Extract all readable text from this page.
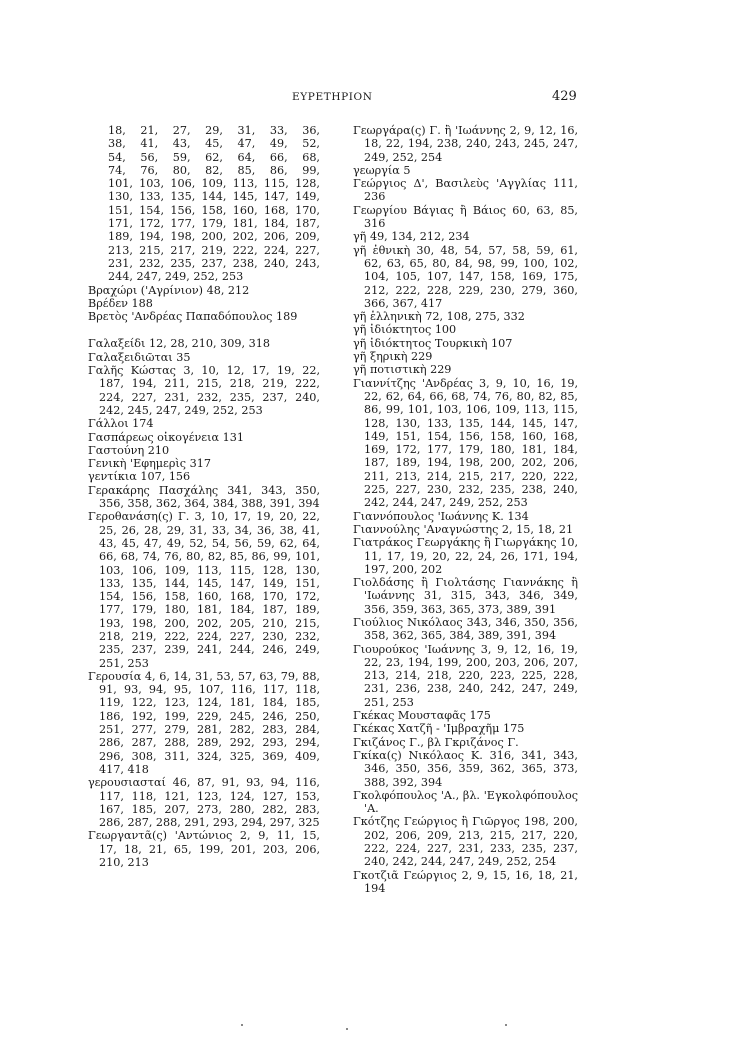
ΕΥΡΕΤΗΡΙΟΝ	429

18, 21, 27, 29, 31, 33, 36,

38, 41, 43, 45, 47, 49, 52,

54, 56, 59, 62, 64, 66, 68,

74, 76, 80, 82, 85, 86, 99,

101, 103, 106, 109, 113, 115, 128,

130, 133, 135, 144, 145, 147, 149,

151, 154, 156, 158, 160, 168, 170,

171, 172, 177, 179, 181, 184, 187,

189, 194, 198, 200, 202, 206, 209,

213, 215, 217, 219, 222, 224, 227,

231, 232, 235, 237, 238, 240, 243,

244, 247, 249, 252, 253

Βραχώρι ('Αγρίνιον) 48, 212

Βρέδεν 188

Βρετὸς 'Ανδρέας Παπαδόπουλος 189

Γαλαξείδι 12, 28, 210, 309, 318

Γαλαξειδιῶται 35

Γαλῆς Κώστας 3, 10, 12, 17, 19, 22, 187, 194, 211, 215, 218, 219, 222, 224, 227, 231, 232, 235, 237, 240, 242, 245, 247, 249, 252, 253

Γάλλοι 174

Γασπάρεως οἰκογένεια 131

Γαστούνη 210

Γενικὴ 'Εφημερὶς 317

γεντίκια 107, 156

Γερακάρης Πασχάλης 341, 343, 350, 356, 358, 362, 364, 384, 388, 391, 394

Γεροθανάση(ς) Γ. 3, 10, 17, 19, 20, 22, 25, 26, 28, 29, 31, 33, 34, 36, 38, 41, 43, 45, 47, 49, 52, 54, 56, 59, 62, 64, 66, 68, 74, 76, 80, 82, 85, 86, 99, 101, 103, 106, 109, 113, 115, 128, 130, 133, 135, 144, 145, 147, 149, 151, 154, 156, 158, 160, 168, 170, 172, 177, 179, 180, 181, 184, 187, 189, 193, 198, 200, 202, 205, 210, 215, 218, 219, 222, 224, 227, 230, 232, 235, 237, 239, 241, 244, 246, 249, 251, 253

Γερουσία 4, 6, 14, 31, 53, 57, 63, 79, 88, 91, 93, 94, 95, 107, 116, 117, 118, 119, 122, 123, 124, 181, 184, 185, 186, 192, 199, 229, 245, 246, 250, 251, 277, 279, 281, 282, 283, 284, 286, 287, 288, 289, 292, 293, 294, 296, 308, 311, 324, 325, 369, 409, 417, 418

γερουσιασταί 46, 87, 91, 93, 94, 116, 117, 118, 121, 123, 124, 127, 153, 167, 185, 207, 273, 280, 282, 283, 286, 287, 288, 291, 293, 294, 297, 325

Γεωργαντᾶ(ς) 'Αντώνιος 2, 9, 11, 15, 17, 18, 21, 65, 199, 201, 203, 206, 210, 213

Γεωργάρα(ς) Γ. ἢ 'Ιωάννης 2, 9, 12, 16, 18, 22, 194, 238, 240, 243, 245, 247, 249, 252, 254

γεωργία 5

Γεώργιος Δ', Βασιλεὺς 'Αγγλίας 111, 236

Γεωργίου Βάγιας ἢ Βάιος 60, 63, 85, 316

γῆ 49, 134, 212, 234

γῆ ἐθνικὴ 30, 48, 54, 57, 58, 59, 61, 62, 63, 65, 80, 84, 98, 99, 100, 102, 104, 105, 107, 147, 158, 169, 175, 212, 222, 228, 229, 230, 279, 360, 366, 367, 417

γῆ ἑλληνικὴ 72, 108, 275, 332

γῆ ἰδιόκτητος 100

γῆ ἰδιόκτητος Τουρκικὴ 107

γῆ ξηρικὴ 229

γῆ ποτιστικὴ 229

Γιαννίτζης 'Ανδρέας 3, 9, 10, 16, 19, 22, 62, 64, 66, 68, 74, 76, 80, 82, 85, 86, 99, 101, 103, 106, 109, 113, 115, 128, 130, 133, 135, 144, 145, 147, 149, 151, 154, 156, 158, 160, 168, 169, 172, 177, 179, 180, 181, 184, 187, 189, 194, 198, 200, 202, 206, 211, 213, 214, 215, 217, 220, 222, 225, 227, 230, 232, 235, 238, 240, 242, 244, 247, 249, 252, 253

Γιαννόπουλος 'Ιωάννης Κ. 134

Γιαννούλης 'Αναγνώστης 2, 15, 18, 21

Γιατράκος Γεωργάκης ἢ Γιωργάκης 10, 11, 17, 19, 20, 22, 24, 26, 171, 194, 197, 200, 202

Γιολδάσης ἢ Γιολτάσης Γιαννάκης ἢ 'Ιωάννης 31, 315, 343, 346, 349, 356, 359, 363, 365, 373, 389, 391

Γιούλιος Νικόλαος 343, 346, 350, 356, 358, 362, 365, 384, 389, 391, 394

Γιουρούκος 'Ιωάννης 3, 9, 12, 16, 19, 22, 23, 194, 199, 200, 203, 206, 207, 213, 214, 218, 220, 223, 225, 228, 231, 236, 238, 240, 242, 247, 249, 251, 253

Γκέκας Μουσταφᾶς 175

Γκέκας Χατζῆ - 'Ιμβραχῆμ 175

Γκιζάνος Γ., βλ Γκριζάνος Γ.

Γκίκα(ς) Νικόλαος Κ. 316, 341, 343, 346, 350, 356, 359, 362, 365, 373, 388, 392, 394

Γκολφόπουλος 'Α., βλ. 'Εγκολφόπουλος 'Α.

Γκότζης Γεώργιος ἢ Γιῶργος 198, 200, 202, 206, 209, 213, 215, 217, 220, 222, 224, 227, 231, 233, 235, 237, 240, 242, 244, 247, 249, 252, 254

Γκοτζιᾶ Γεώργιος 2, 9, 15, 16, 18, 21, 194
